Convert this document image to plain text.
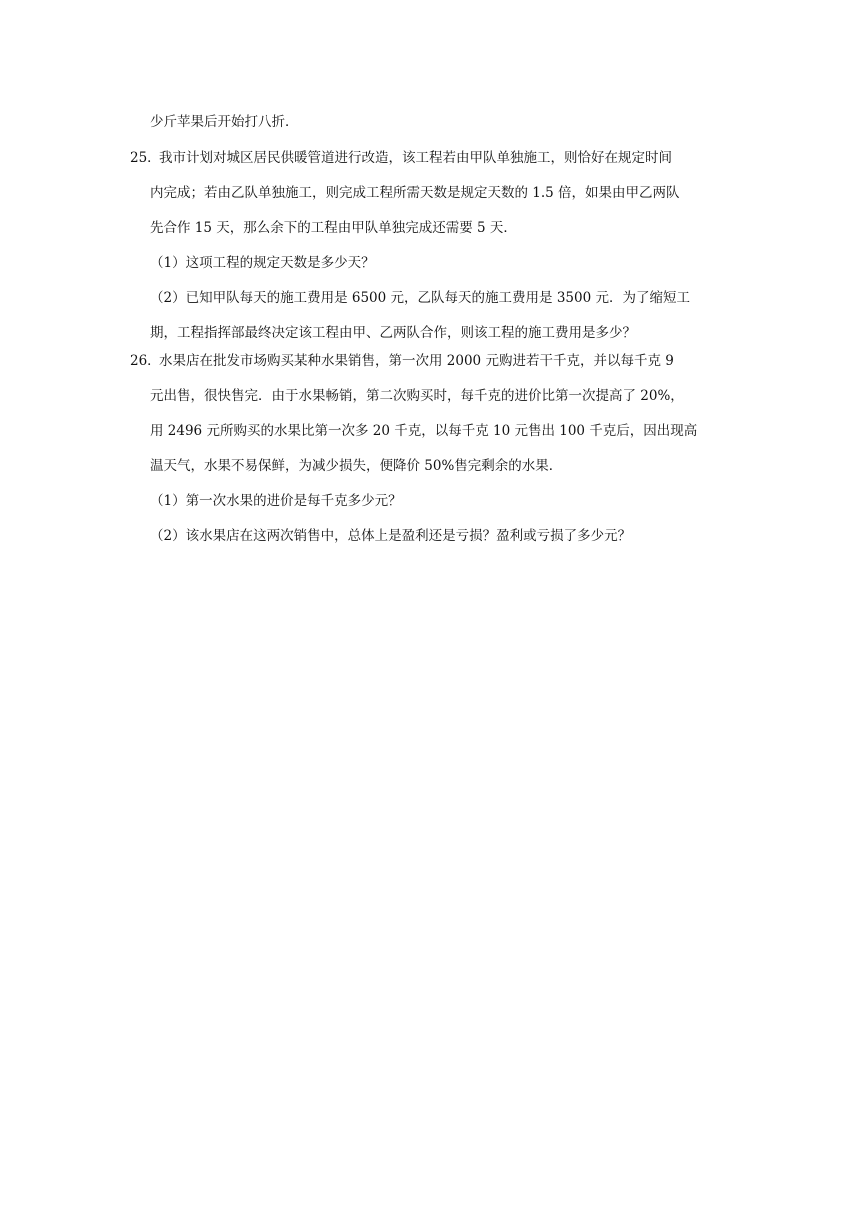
少斤苹果后开始打八折．
25．
我市计划对城区居民供暖管道进行改造，该工程若由甲队单独施工，则恰好在规定时间
内完成；若由乙队单独施工，则完成工程所需天数是规定天数的 1.5 倍，如果由甲乙两队
先合作 15 天，那么余下的工程由甲队单独完成还需要 5 天．
（1）这项工程的规定天数是多少天？
（2）已知甲队每天的施工费用是 6500 元，乙队每天的施工费用是 3500 元．为了缩短工
期，工程指挥部最终决定该工程由甲、乙两队合作，则该工程的施工费用是多少？
26．
水果店在批发市场购买某种水果销售，第一次用 2000 元购进若干千克，并以每千克 9
元出售，很快售完．由于水果畅销，第二次购买时，每千克的进价比第一次提高了 20%，
用 2496 元所购买的水果比第一次多 20 千克，以每千克 10 元售出 100 千克后，因出现高
温天气，水果不易保鲜，为减少损失，便降价 50%售完剩余的水果．
（1）第一次水果的进价是每千克多少元？
（2）该水果店在这两次销售中，总体上是盈利还是亏损？盈利或亏损了多少元？
